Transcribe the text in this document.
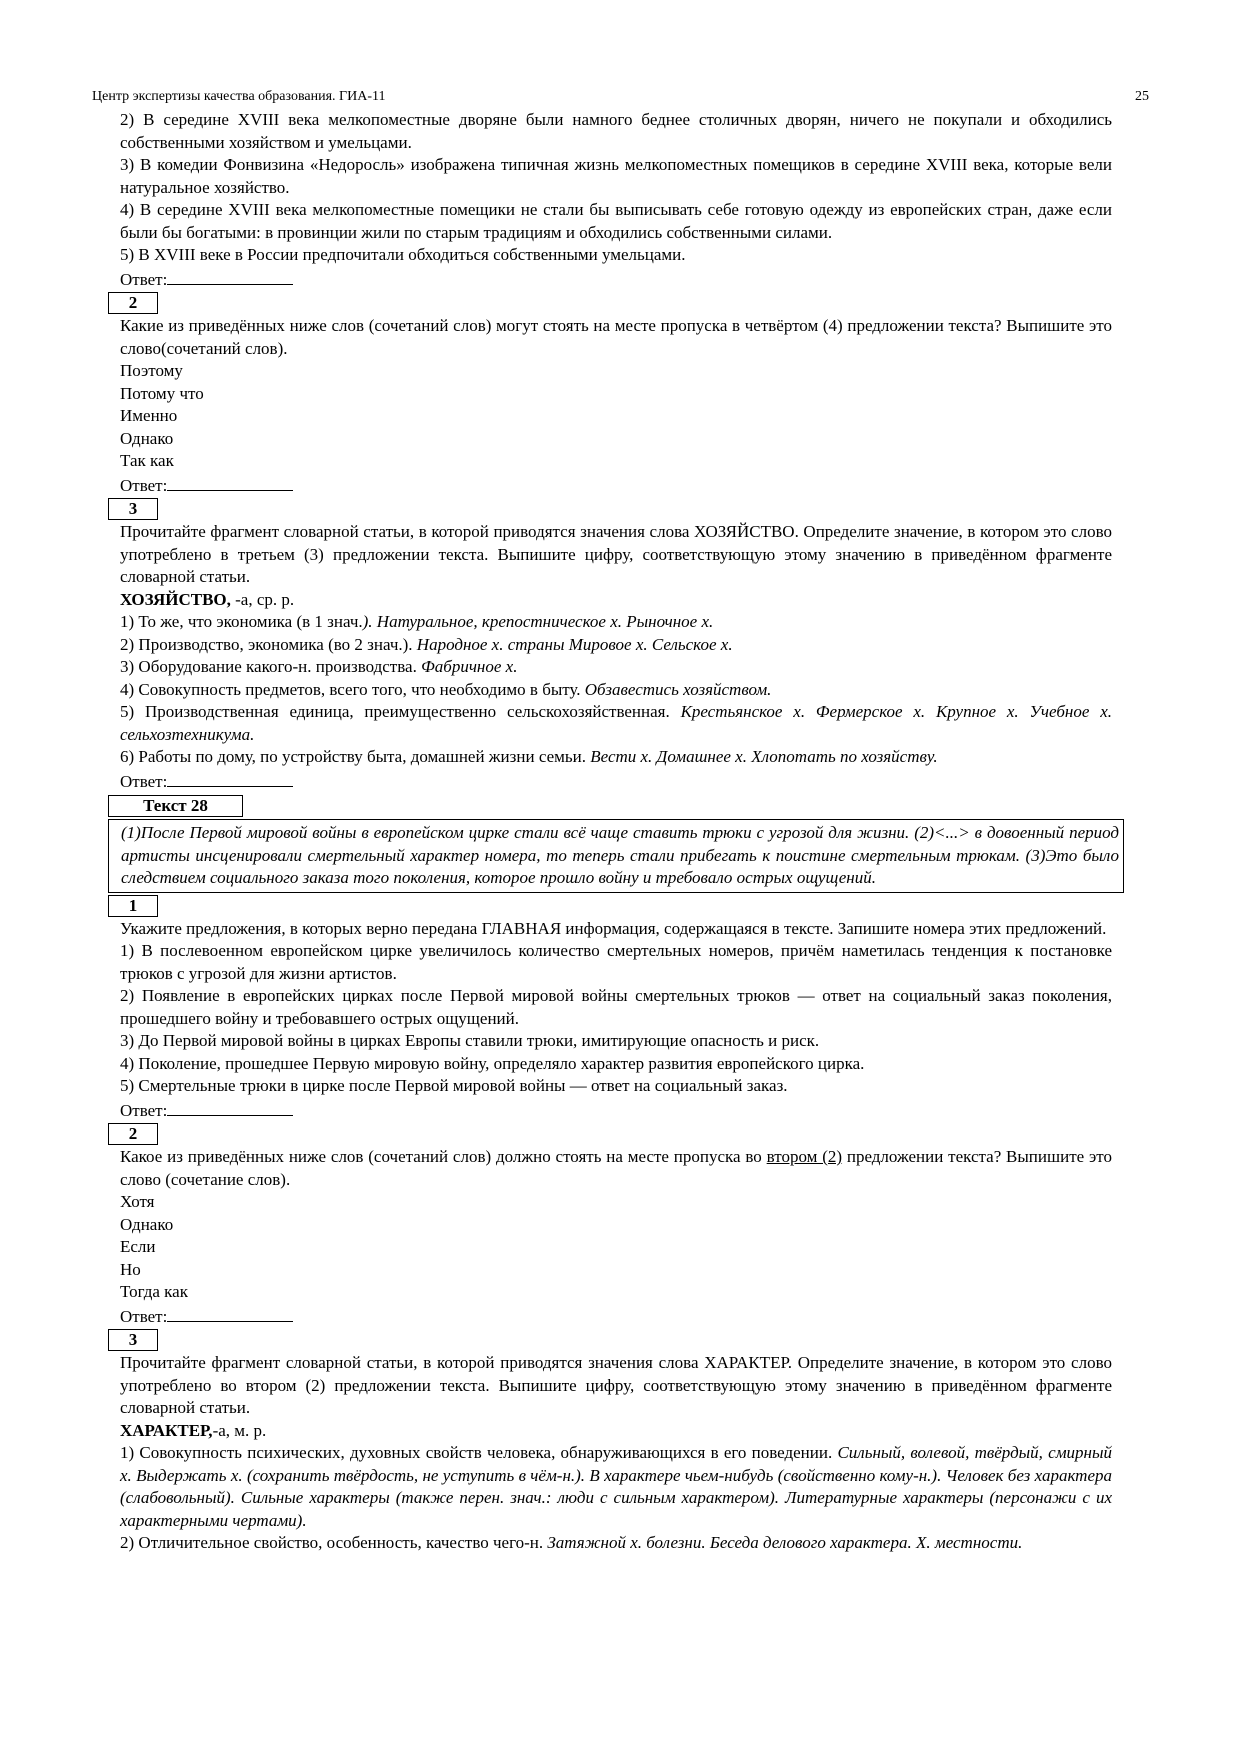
Центр экспертизы качества образования. ГИА-11	25

2) В середине XVIII века мелкопоместные дворяне были намного беднее столичных дворян, ничего не покупали и обходились собственными хозяйством и умельцами.

3) В комедии Фонвизина «Недоросль» изображена типичная жизнь мелкопоместных помещиков в середине XVIII века, которые вели натуральное хозяйство.

4) В середине XVIII века мелкопоместные помещики не стали бы выписывать себе готовую одежду из европейских стран, даже если были бы богатыми: в провинции жили по старым традициям и обходились собственными силами.

5) В XVIII веке в России предпочитали обходиться собственными умельцами.

Ответ:

2

Какие из приведённых ниже слов (сочетаний слов) могут стоять на месте пропуска в четвёртом (4) предложении текста? Выпишите это слово(сочетаний слов).

Поэтому

Потому что

Именно

Однако

Так как

Ответ:

3

Прочитайте фрагмент словарной статьи, в которой приводятся значения слова ХОЗЯЙСТВО. Определите значение, в котором это слово употреблено в третьем (3) предложении текста. Выпишите цифру, соответствующую этому значению в приведённом фрагменте словарной статьи.

ХОЗЯЙСТВО, -а, ср. р.

1) То же, что экономика (в 1 знач.). Натуральное, крепостническое х. Рыночное х.

2) Производство, экономика (во 2 знач.). Народное х. страны Мировое х. Сельское х.

3) Оборудование какого-н. производства. Фабричное х.

4) Совокупность предметов, всего того, что необходимо в быту. Обзавестись хозяйством.

5) Производственная единица, преимущественно сельскохозяйственная. Крестьянское х. Фермерское х. Крупное х. Учебное х. сельхозтехникума.

6) Работы по дому, по устройству быта, домашней жизни семьи. Вести х. Домашнее х. Хлопотать по хозяйству.

Ответ:

Текст 28
(1)После Первой мировой войны в европейском цирке стали всё чаще ставить трюки с угрозой для жизни. (2)<...> в довоенный период артисты инсценировали смертельный характер номера, то теперь стали прибегать к поистине смертельным трюкам. (3)Это было следствием социального заказа того поколения, которое прошло войну и требовало острых ощущений.
1

Укажите предложения, в которых верно передана ГЛАВНАЯ информация, содержащаяся в тексте. Запишите номера этих предложений.

1) В послевоенном европейском цирке увеличилось количество смертельных номеров, причём наметилась тенденция к постановке трюков с угрозой для жизни артистов.

2) Появление в европейских цирках после Первой мировой войны смертельных трюков — ответ на социальный заказ поколения, прошедшего войну и требовавшего острых ощущений.

3) До Первой мировой войны в цирках Европы ставили трюки, имитирующие опасность и риск.

4) Поколение, прошедшее Первую мировую войну, определяло характер развития европейского цирка.

5) Смертельные трюки в цирке после Первой мировой войны — ответ на социальный заказ.

Ответ:

2

Какое из приведённых ниже слов (сочетаний слов) должно стоять на месте пропуска во втором (2) предложении текста? Выпишите это слово (сочетание слов).

Хотя

Однако

Если

Но

Тогда как

Ответ:

3

Прочитайте фрагмент словарной статьи, в которой приводятся значения слова ХАРАКТЕР. Определите значение, в котором это слово употреблено во втором (2) предложении текста. Выпишите цифру, соответствующую этому значению в приведённом фрагменте словарной статьи.

ХАРАКТЕР,-а, м. р.

1) Совокупность психических, духовных свойств человека, обнаруживающихся в его поведении. Сильный, волевой, твёрдый, смирный х. Выдержать х. (сохранить твёрдость, не уступить в чём-н.). В характере чьем-нибудь (свойственно кому-н.). Человек без характера (слабовольный). Сильные характеры (также перен. знач.: люди с сильным характером). Литературные характеры (персонажи с их характерными чертами).

2) Отличительное свойство, особенность, качество чего-н. Затяжной х. болезни. Беседа делового характера. Х. местности.
